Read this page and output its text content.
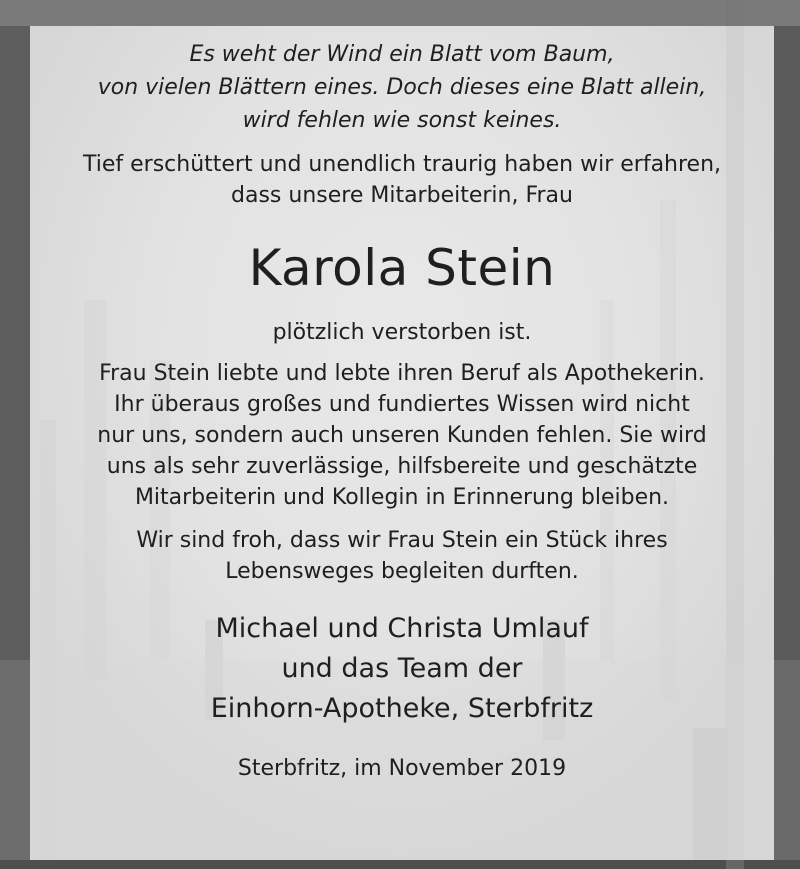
Es weht der Wind ein Blatt vom Baum,
von vielen Blättern eines. Doch dieses eine Blatt allein,
wird fehlen wie sonst keines.
Tief erschüttert und unendlich traurig haben wir erfahren,
dass unsere Mitarbeiterin, Frau
Karola Stein
plötzlich verstorben ist.
Frau Stein liebte und lebte ihren Beruf als Apothekerin.
Ihr überaus großes und fundiertes Wissen wird nicht
nur uns, sondern auch unseren Kunden fehlen. Sie wird
uns als sehr zuverlässige, hilfsbereite und geschätzte
Mitarbeiterin und Kollegin in Erinnerung bleiben.
Wir sind froh, dass wir Frau Stein ein Stück ihres
Lebensweges begleiten durften.
Michael und Christa Umlauf
und das Team der
Einhorn-Apotheke, Sterbfritz
Sterbfritz, im November 2019
